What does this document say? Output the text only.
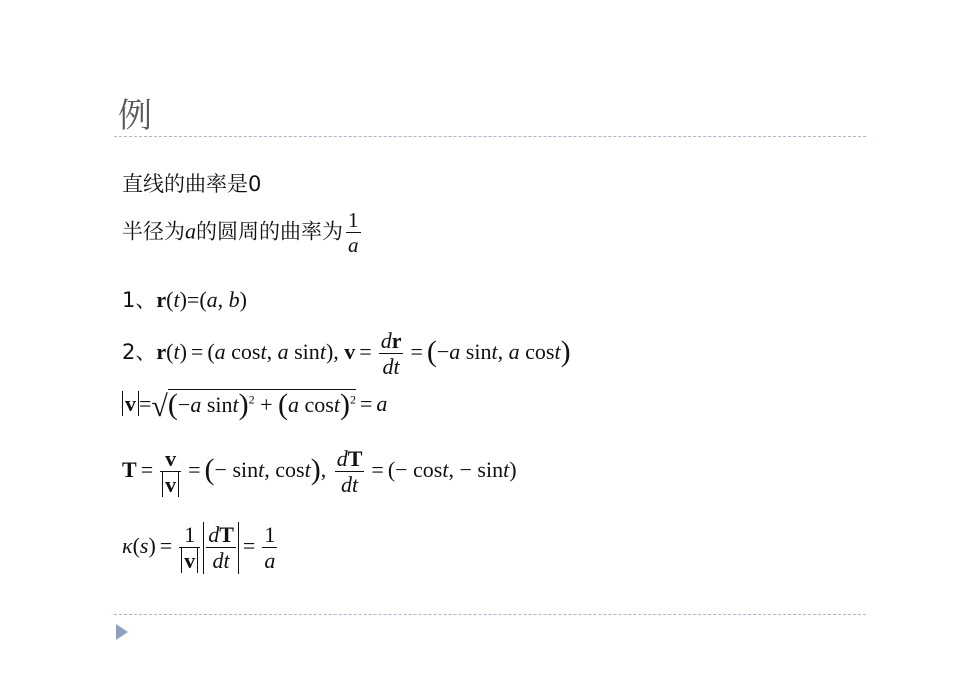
例
直线的曲率是0
半径为a的圆周的曲率为 $\frac{1}{a}$
1、r(t)=(a, b)
2、r(t) = (a cost, a sint), $v = \frac{dr}{dt} = (-a$ sint, a cost)
v =√(−a sint)$^2$ + (a cost)$^2$ = a
$T = \frac{v}{v}$ = (− sint, cost), $\frac{dT}{dt}$ = (− cost, − sint)
$\kappa(s) = \frac{1}{v} \frac{dT}{dt} = \frac{1}{a}$
